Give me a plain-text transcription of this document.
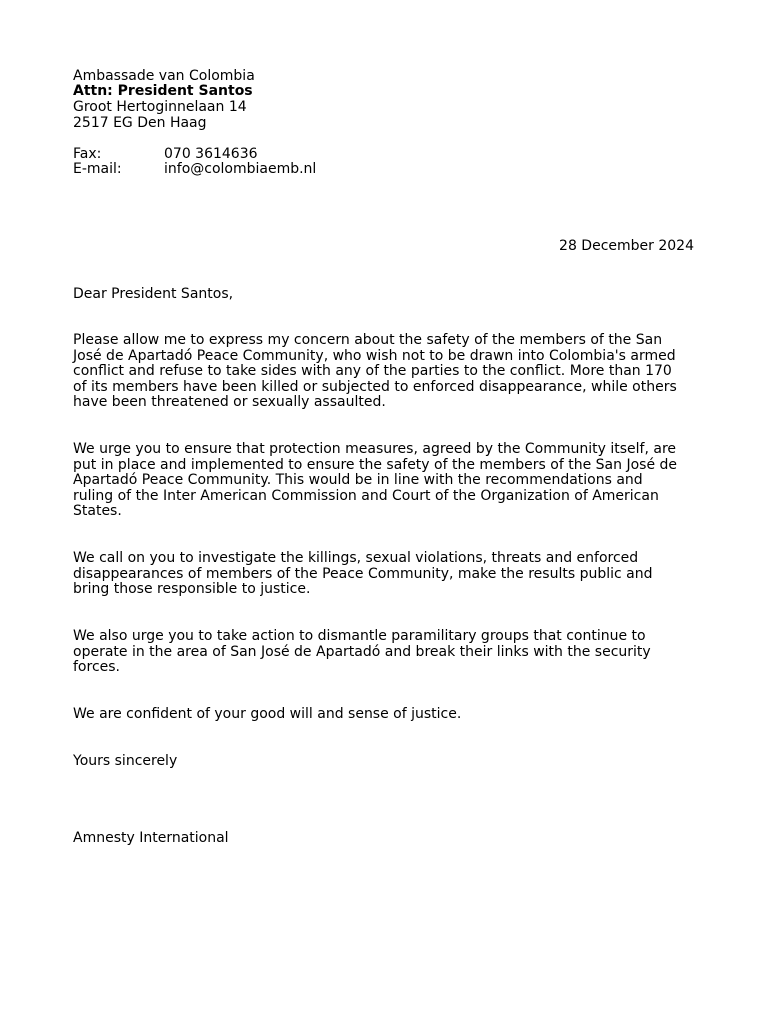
Ambassade van Colombia

Attn: President Santos

Groot Hertoginnelaan 14

2517 EG Den Haag

Fax:	070 3614636

E-mail:	info@colombiaemb.nl

28 December 2024

Dear President Santos,

Please allow me to express my concern about the safety of the members of the San
José de Apartadó Peace Community, who wish not to be drawn into Colombia's armed
conflict and refuse to take sides with any of the parties to the conflict. More than 170
of its members have been killed or subjected to enforced disappearance, while others
have been threatened or sexually assaulted.
We urge you to ensure that protection measures, agreed by the Community itself, are
put in place and implemented to ensure the safety of the members of the San José de
Apartadó Peace Community. This would be in line with the recommendations and
ruling of the Inter American Commission and Court of the Organization of American
States.
We call on you to investigate the killings, sexual violations, threats and enforced
disappearances of members of the Peace Community, make the results public and
bring those responsible to justice.
We also urge you to take action to dismantle paramilitary groups that continue to
operate in the area of San José de Apartadó and break their links with the security
forces.
We are confident of your good will and sense of justice.

Yours sincerely

Amnesty International
